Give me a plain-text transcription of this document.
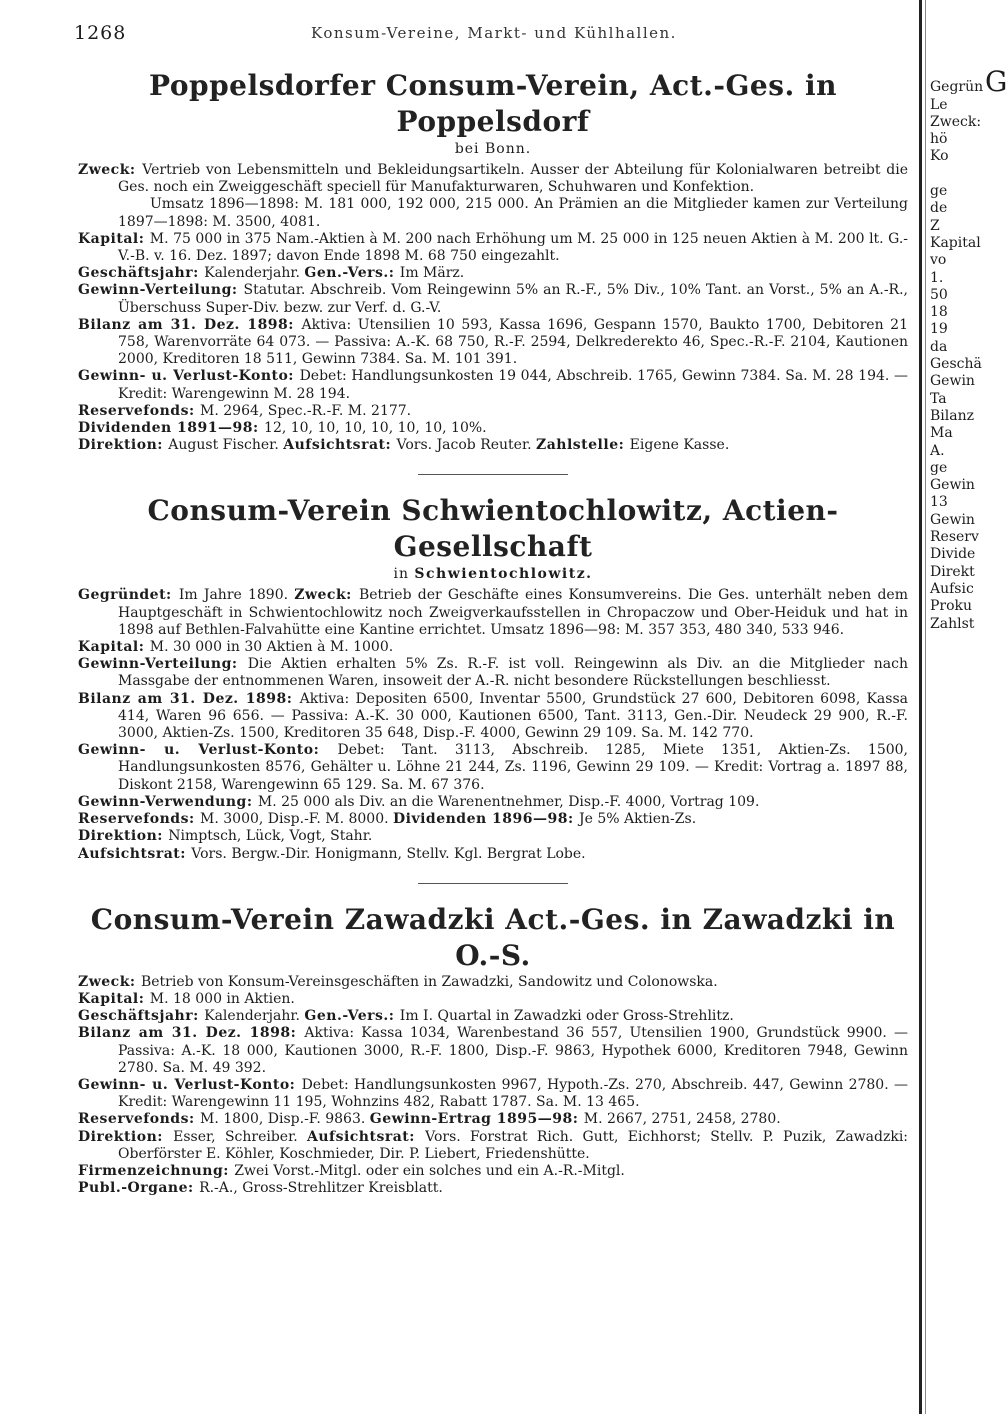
1268	Konsum-Vereine, Markt- und Kühlhallen.
Poppelsdorfer Consum-Verein, Act.-Ges. in Poppelsdorf
bei Bonn.

Zweck: Vertrieb von Lebensmitteln und Bekleidungsartikeln. Ausser der Abteilung für Kolonialwaren betreibt die Ges. noch ein Zweiggeschäft speciell für Manufakturwaren, Schuhwaren und Konfektion.

Umsatz 1896—1898: M. 181 000, 192 000, 215 000. An Prämien an die Mitglieder kamen zur Verteilung 1897—1898: M. 3500, 4081.

Kapital: M. 75 000 in 375 Nam.-Aktien à M. 200 nach Erhöhung um M. 25 000 in 125 neuen Aktien à M. 200 lt. G.-V.-B. v. 16. Dez. 1897; davon Ende 1898 M. 68 750 eingezahlt.

Geschäftsjahr: Kalenderjahr. Gen.-Vers.: Im März.

Gewinn-Verteilung: Statutar. Abschreib. Vom Reingewinn 5% an R.-F., 5% Div., 10% Tant. an Vorst., 5% an A.-R., Überschuss Super-Div. bezw. zur Verf. d. G.-V.

Bilanz am 31. Dez. 1898: Aktiva: Utensilien 10 593, Kassa 1696, Gespann 1570, Baukto 1700, Debitoren 21 758, Warenvorräte 64 073. — Passiva: A.-K. 68 750, R.-F. 2594, Delkrederekto 46, Spec.-R.-F. 2104, Kautionen 2000, Kreditoren 18 511, Gewinn 7384. Sa. M. 101 391.

Gewinn- u. Verlust-Konto: Debet: Handlungsunkosten 19 044, Abschreib. 1765, Gewinn 7384. Sa. M. 28 194. — Kredit: Warengewinn M. 28 194.

Reservefonds: M. 2964, Spec.-R.-F. M. 2177.

Dividenden 1891—98: 12, 10, 10, 10, 10, 10, 10, 10%.

Direktion: August Fischer. Aufsichtsrat: Vors. Jacob Reuter. Zahlstelle: Eigene Kasse.

Consum-Verein Schwientochlowitz, Actien-Gesellschaft
in Schwientochlowitz.

Gegründet: Im Jahre 1890. Zweck: Betrieb der Geschäfte eines Konsumvereins. Die Ges. unterhält neben dem Hauptgeschäft in Schwientochlowitz noch Zweigverkaufsstellen in Chropaczow und Ober-Heiduk und hat in 1898 auf Bethlen-Falvahütte eine Kantine errichtet. Umsatz 1896—98: M. 357 353, 480 340, 533 946.

Kapital: M. 30 000 in 30 Aktien à M. 1000.

Gewinn-Verteilung: Die Aktien erhalten 5% Zs. R.-F. ist voll. Reingewinn als Div. an die Mitglieder nach Massgabe der entnommenen Waren, insoweit der A.-R. nicht besondere Rückstellungen beschliesst.

Bilanz am 31. Dez. 1898: Aktiva: Depositen 6500, Inventar 5500, Grundstück 27 600, Debitoren 6098, Kassa 414, Waren 96 656. — Passiva: A.-K. 30 000, Kautionen 6500, Tant. 3113, Gen.-Dir. Neudeck 29 900, R.-F. 3000, Aktien-Zs. 1500, Kreditoren 35 648, Disp.-F. 4000, Gewinn 29 109. Sa. M. 142 770.

Gewinn- u. Verlust-Konto: Debet: Tant. 3113, Abschreib. 1285, Miete 1351, Aktien-Zs. 1500, Handlungsunkosten 8576, Gehälter u. Löhne 21 244, Zs. 1196, Gewinn 29 109. — Kredit: Vortrag a. 1897 88, Diskont 2158, Warengewinn 65 129. Sa. M. 67 376.

Gewinn-Verwendung: M. 25 000 als Div. an die Warenentnehmer, Disp.-F. 4000, Vortrag 109.

Reservefonds: M. 3000, Disp.-F. M. 8000. Dividenden 1896—98: Je 5% Aktien-Zs.

Direktion: Nimptsch, Lück, Vogt, Stahr.

Aufsichtsrat: Vors. Bergw.-Dir. Honigmann, Stellv. Kgl. Bergrat Lobe.

Consum-Verein Zawadzki Act.-Ges. in Zawadzki in O.-S.

Zweck: Betrieb von Konsum-Vereinsgeschäften in Zawadzki, Sandowitz und Colonowska.

Kapital: M. 18 000 in Aktien.

Geschäftsjahr: Kalenderjahr. Gen.-Vers.: Im I. Quartal in Zawadzki oder Gross-Strehlitz.

Bilanz am 31. Dez. 1898: Aktiva: Kassa 1034, Warenbestand 36 557, Utensilien 1900, Grundstück 9900. — Passiva: A.-K. 18 000, Kautionen 3000, R.-F. 1800, Disp.-F. 9863, Hypothek 6000, Kreditoren 7948, Gewinn 2780. Sa. M. 49 392.

Gewinn- u. Verlust-Konto: Debet: Handlungsunkosten 9967, Hypoth.-Zs. 270, Abschreib. 447, Gewinn 2780. — Kredit: Warengewinn 11 195, Wohnzins 482, Rabatt 1787. Sa. M. 13 465.

Reservefonds: M. 1800, Disp.-F. 9863. Gewinn-Ertrag 1895—98: M. 2667, 2751, 2458, 2780.

Direktion: Esser, Schreiber. Aufsichtsrat: Vors. Forstrat Rich. Gutt, Eichhorst; Stellv. P. Puzik, Zawadzki: Oberförster E. Köhler, Koschmieder, Dir. P. Liebert, Friedenshütte.

Firmenzeichnung: Zwei Vorst.-Mitgl. oder ein solches und ein A.-R.-Mitgl.

Publ.-Organe: R.-A., Gross-Strehlitzer Kreisblatt.

G
Gegrün
Le
Zweck:
hö
Ko
ge
de
Z
Kapital
vo
1.
50
18
19
da
Geschä
Gewin
Ta
Bilanz
Ma
A.
ge
Gewin
13
Gewin
Reserv
Divide
Direkt
Aufsic
Proku
Zahlst
